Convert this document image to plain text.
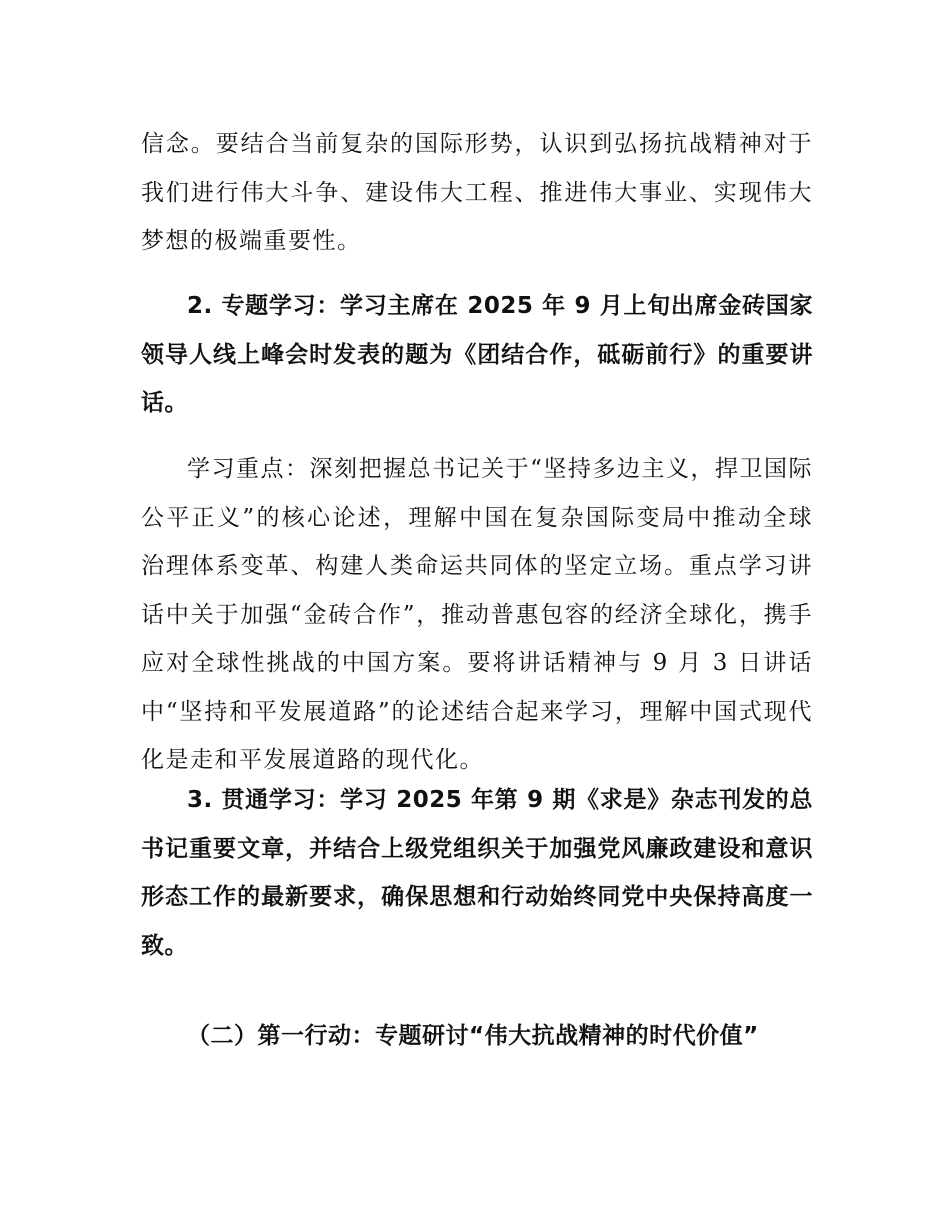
信念。要结合当前复杂的国际形势，认识到弘扬抗战精神对于我们进行伟大斗争、建设伟大工程、推进伟大事业、实现伟大梦想的极端重要性。

2. 专题学习：学习主席在 2025 年 9 月上旬出席金砖国家领导人线上峰会时发表的题为《团结合作，砥砺前行》的重要讲话。

学习重点：深刻把握总书记关于“坚持多边主义，捍卫国际公平正义”的核心论述，理解中国在复杂国际变局中推动全球治理体系变革、构建人类命运共同体的坚定立场。重点学习讲话中关于加强“金砖合作”，推动普惠包容的经济全球化，携手应对全球性挑战的中国方案。要将讲话精神与 9 月 3 日讲话中“坚持和平发展道路”的论述结合起来学习，理解中国式现代化是走和平发展道路的现代化。

3. 贯通学习：学习 2025 年第 9 期《求是》杂志刊发的总书记重要文章，并结合上级党组织关于加强党风廉政建设和意识形态工作的最新要求，确保思想和行动始终同党中央保持高度一致。

（二）第一行动：专题研讨“伟大抗战精神的时代价值”
